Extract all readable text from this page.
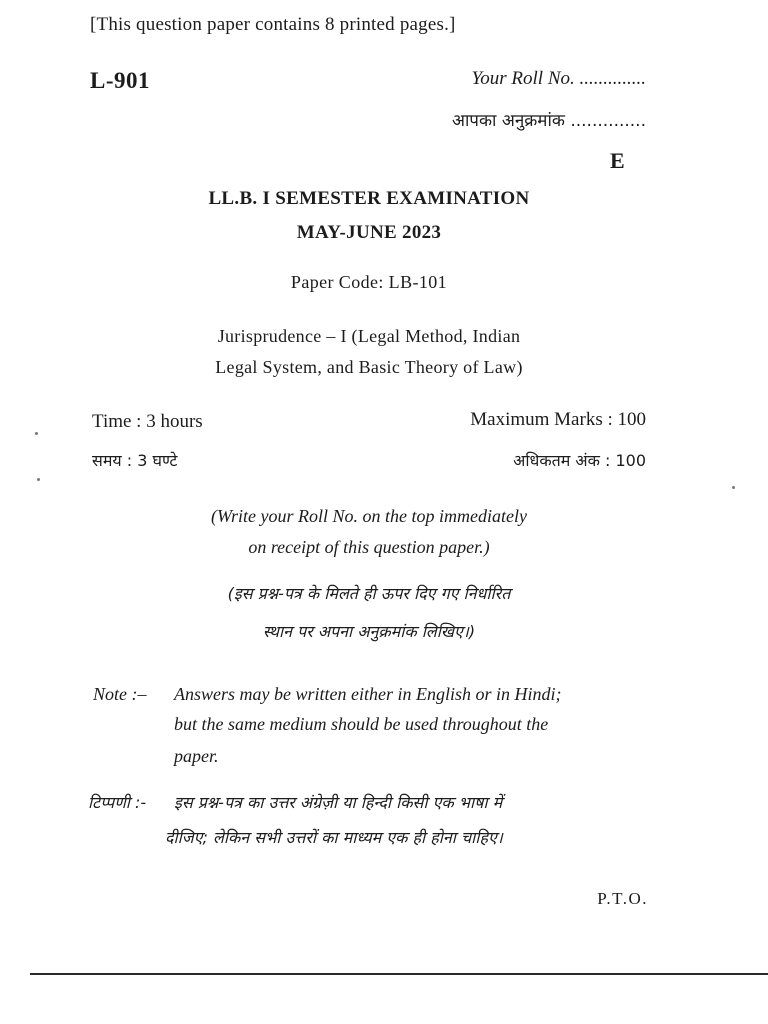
[This question paper contains 8 printed pages.]
L-901	Your Roll No. ..............
आपका अनुक्रमांक ..............
E
LL.B. I SEMESTER EXAMINATION
MAY-JUNE 2023
Paper Code: LB-101
Jurisprudence – I (Legal Method, Indian
Legal System, and Basic Theory of Law)
Time : 3 hours	Maximum Marks : 100
समय : 3 घण्टे	अधिकतम अंक : 100
(Write your Roll No. on the top immediately
on receipt of this question paper.)
(इस प्रश्न-पत्र के मिलते ही ऊपर दिए गए निर्धारित
स्थान पर अपना अनुक्रमांक लिखिए।)
Note :– Answers may be written either in English or in Hindi;
but the same medium should be used throughout the
paper.
टिप्पणी :- इस प्रश्न-पत्र का उत्तर अंग्रेज़ी या हिन्दी किसी एक भाषा में
दीजिए; लेकिन सभी उत्तरों का माध्यम एक ही होना चाहिए।
P.T.O.
